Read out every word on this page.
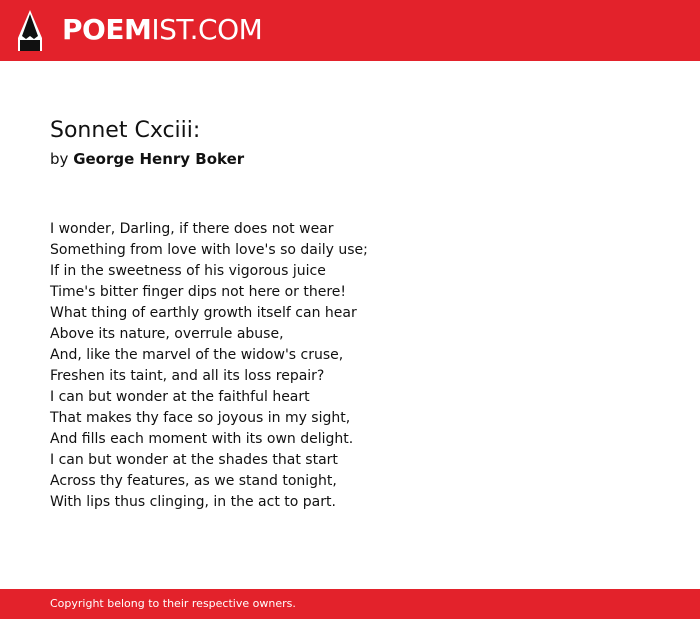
POEMIST.COM
Sonnet Cxciii:
by George Henry Boker
I wonder, Darling, if there does not wear
Something from love with love's so daily use;
If in the sweetness of his vigorous juice
Time's bitter finger dips not here or there!
What thing of earthly growth itself can hear
Above its nature, overrule abuse,
And, like the marvel of the widow's cruse,
Freshen its taint, and all its loss repair?
I can but wonder at the faithful heart
That makes thy face so joyous in my sight,
And fills each moment with its own delight.
I can but wonder at the shades that start
Across thy features, as we stand tonight,
With lips thus clinging, in the act to part.
Copyright belong to their respective owners.
